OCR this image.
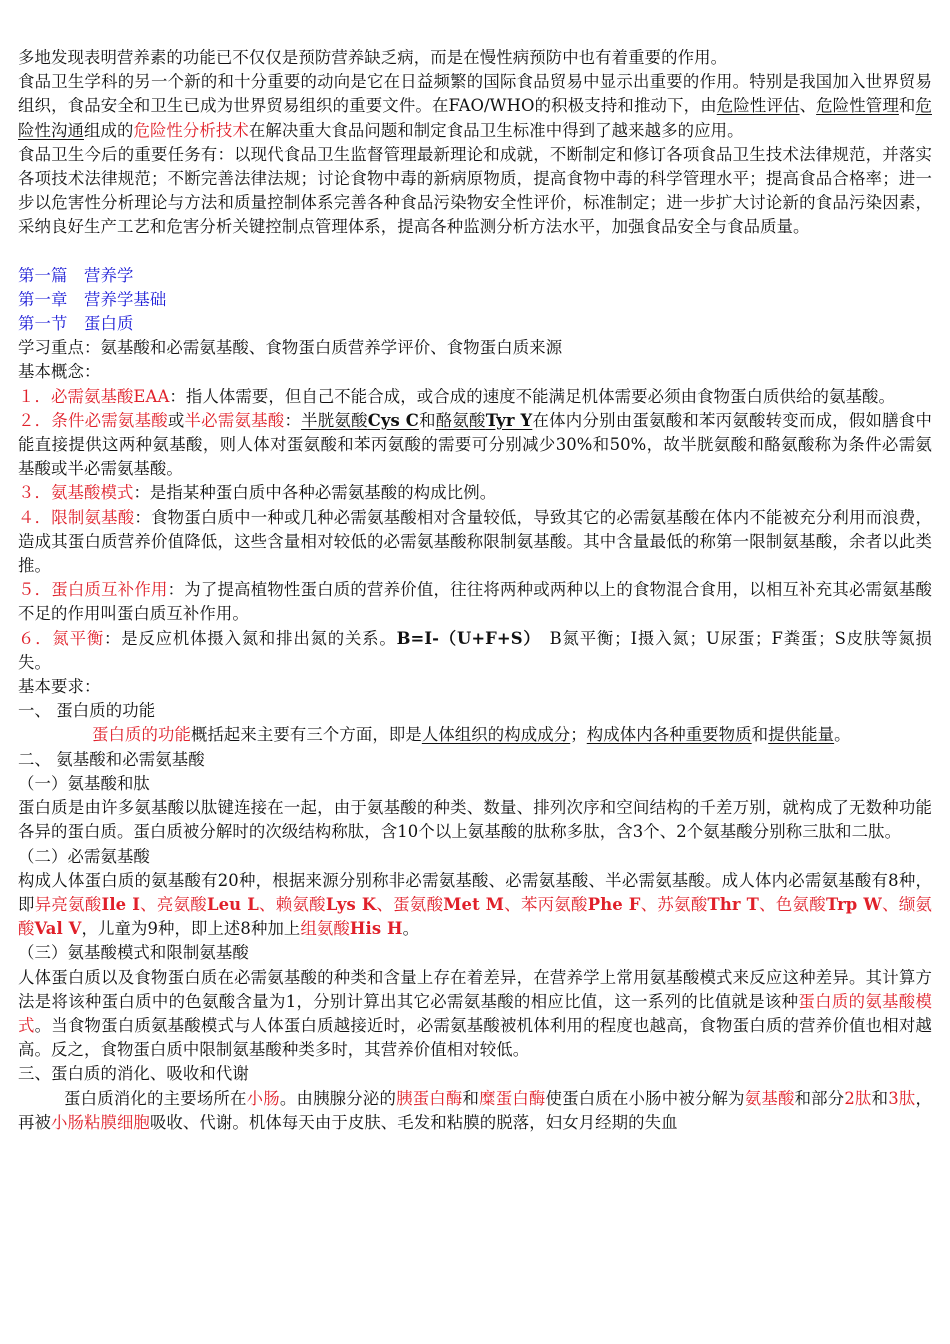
多地发现表明营养素的功能已不仅仅是预防营养缺乏病，而是在慢性病预防中也有着重要的作用。

食品卫生学科的另一个新的和十分重要的动向是它在日益频繁的国际食品贸易中显示出重要的作用。特别是我国加入世界贸易组织，食品安全和卫生已成为世界贸易组织的重要文件。在FAO/WHO的积极支持和推动下，由危险性评估、危险性管理和危险性沟通组成的危险性分析技术在解决重大食品问题和制定食品卫生标准中得到了越来越多的应用。

食品卫生今后的重要任务有：以现代食品卫生监督管理最新理论和成就，不断制定和修订各项食品卫生技术法律规范，并落实各项技术法律规范；不断完善法律法规；讨论食物中毒的新病原物质，提高食物中毒的科学管理水平；提高食品合格率；进一步以危害性分析理论与方法和质量控制体系完善各种食品污染物安全性评价，标准制定；进一步扩大讨论新的食品污染因素，采纳良好生产工艺和危害分析关键控制点管理体系，提高各种监测分析方法水平，加强食品安全与食品质量。

第一篇　营养学

第一章　营养学基础

第一节　蛋白质

学习重点：氨基酸和必需氨基酸、食物蛋白质营养学评价、食物蛋白质来源

基本概念：

１．必需氨基酸EAA：指人体需要，但自己不能合成，或合成的速度不能满足机体需要必须由食物蛋白质供给的氨基酸。

２．条件必需氨基酸或半必需氨基酸：半胱氨酸Cys C和酪氨酸Tyr Y在体内分别由蛋氨酸和苯丙氨酸转变而成，假如膳食中能直接提供这两种氨基酸，则人体对蛋氨酸和苯丙氨酸的需要可分别减少30%和50%，故半胱氨酸和酪氨酸称为条件必需氨基酸或半必需氨基酸。

３．氨基酸模式：是指某种蛋白质中各种必需氨基酸的构成比例。

４．限制氨基酸：食物蛋白质中一种或几种必需氨基酸相对含量较低，导致其它的必需氨基酸在体内不能被充分利用而浪费，造成其蛋白质营养价值降低，这些含量相对较低的必需氨基酸称限制氨基酸。其中含量最低的称第一限制氨基酸，余者以此类推。

５．蛋白质互补作用：为了提高植物性蛋白质的营养价值，往往将两种或两种以上的食物混合食用，以相互补充其必需氨基酸不足的作用叫蛋白质互补作用。

６．氮平衡：是反应机体摄入氮和排出氮的关系。B=I-（U+F+S）　B氮平衡；I摄入氮；U尿蛋；F粪蛋；S皮肤等氮损失。

基本要求：

一、 蛋白质的功能

蛋白质的功能概括起来主要有三个方面，即是人体组织的构成成分；构成体内各种重要物质和提供能量。

二、 氨基酸和必需氨基酸

（一）氨基酸和肽

蛋白质是由许多氨基酸以肽键连接在一起，由于氨基酸的种类、数量、排列次序和空间结构的千差万别，就构成了无数种功能各异的蛋白质。蛋白质被分解时的次级结构称肽，含10个以上氨基酸的肽称多肽，含3个、2个氨基酸分别称三肽和二肽。

（二）必需氨基酸

构成人体蛋白质的氨基酸有20种，根据来源分别称非必需氨基酸、必需氨基酸、半必需氨基酸。成人体内必需氨基酸有8种，即异亮氨酸Ile I、亮氨酸Leu L、赖氨酸Lys K、蛋氨酸Met M、苯丙氨酸Phe F、苏氨酸Thr T、色氨酸Trp W、缬氨酸Val V，儿童为9种，即上述8种加上组氨酸His H。

（三）氨基酸模式和限制氨基酸

人体蛋白质以及食物蛋白质在必需氨基酸的种类和含量上存在着差异，在营养学上常用氨基酸模式来反应这种差异。其计算方法是将该种蛋白质中的色氨酸含量为1，分别计算出其它必需氨基酸的相应比值，这一系列的比值就是该种蛋白质的氨基酸模式。当食物蛋白质氨基酸模式与人体蛋白质越接近时，必需氨基酸被机体利用的程度也越高，食物蛋白质的营养价值也相对越高。反之，食物蛋白质中限制氨基酸种类多时，其营养价值相对较低。

三、蛋白质的消化、吸收和代谢

蛋白质消化的主要场所在小肠。由胰腺分泌的胰蛋白酶和糜蛋白酶使蛋白质在小肠中被分解为氨基酸和部分2肽和3肽，再被小肠粘膜细胞吸收、代谢。机体每天由于皮肤、毛发和粘膜的脱落，妇女月经期的失血
